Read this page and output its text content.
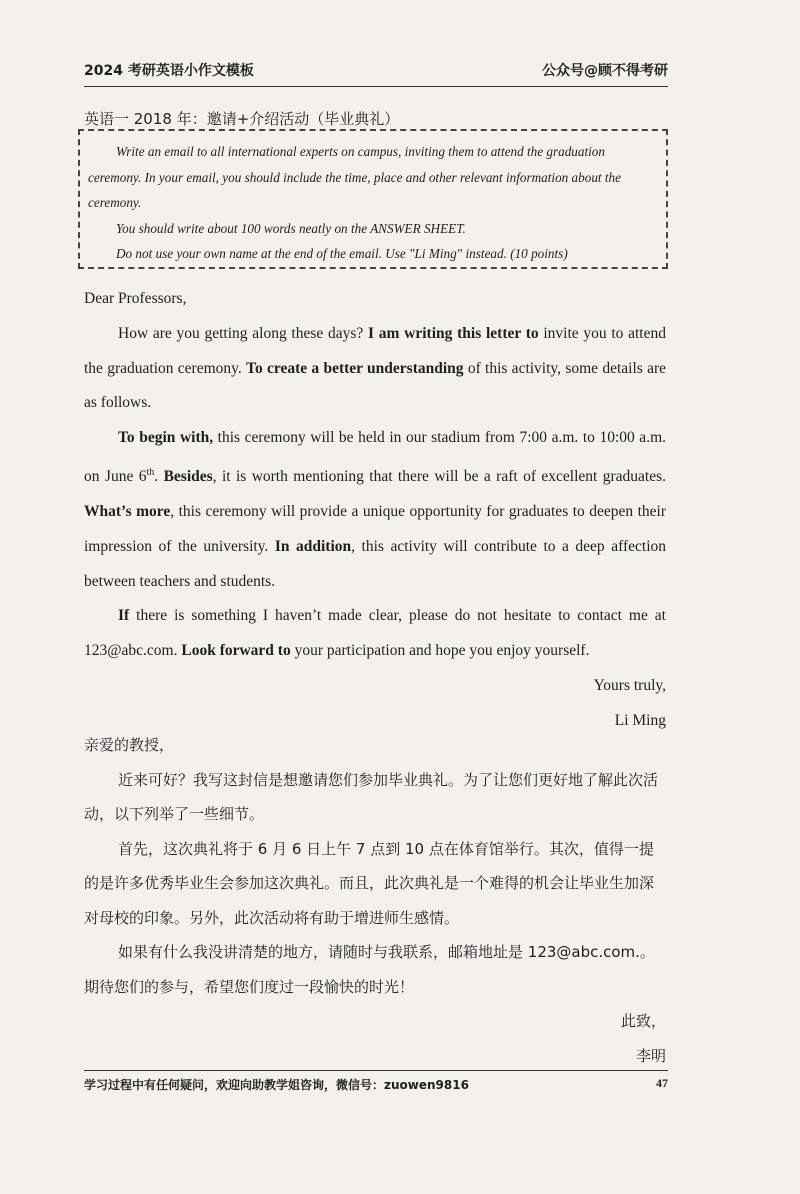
2024 考研英语小作文模板	公众号@顾不得考研
英语一 2018 年：邀请+介绍活动（毕业典礼）

Write an email to all international experts on campus, inviting them to attend the graduation ceremony. In your email, you should include the time, place and other relevant information about the ceremony.

You should write about 100 words neatly on the ANSWER SHEET.

Do not use your own name at the end of the email. Use "Li Ming" instead. (10 points)

Dear Professors,

How are you getting along these days? I am writing this letter to invite you to attend the graduation ceremony. To create a better understanding of this activity, some details are as follows.

To begin with, this ceremony will be held in our stadium from 7:00 a.m. to 10:00 a.m. on June 6th. Besides, it is worth mentioning that there will be a raft of excellent graduates. What’s more, this ceremony will provide a unique opportunity for graduates to deepen their impression of the university. In addition, this activity will contribute to a deep affection between teachers and students.

If there is something I haven’t made clear, please do not hesitate to contact me at 123@abc.com. Look forward to your participation and hope you enjoy yourself.

Yours truly,

Li Ming

亲爱的教授，

近来可好？我写这封信是想邀请您们参加毕业典礼。为了让您们更好地了解此次活动，以下列举了一些细节。

首先，这次典礼将于 6 月 6 日上午 7 点到 10 点在体育馆举行。其次，值得一提的是许多优秀毕业生会参加这次典礼。而且，此次典礼是一个难得的机会让毕业生加深对母校的印象。另外，此次活动将有助于增进师生感情。

如果有什么我没讲清楚的地方，请随时与我联系，邮箱地址是 123@abc.com.。期待您们的参与，希望您们度过一段愉快的时光！

此致，

李明

学习过程中有任何疑问，欢迎向助教学姐咨询，微信号：zuowen9816	47
